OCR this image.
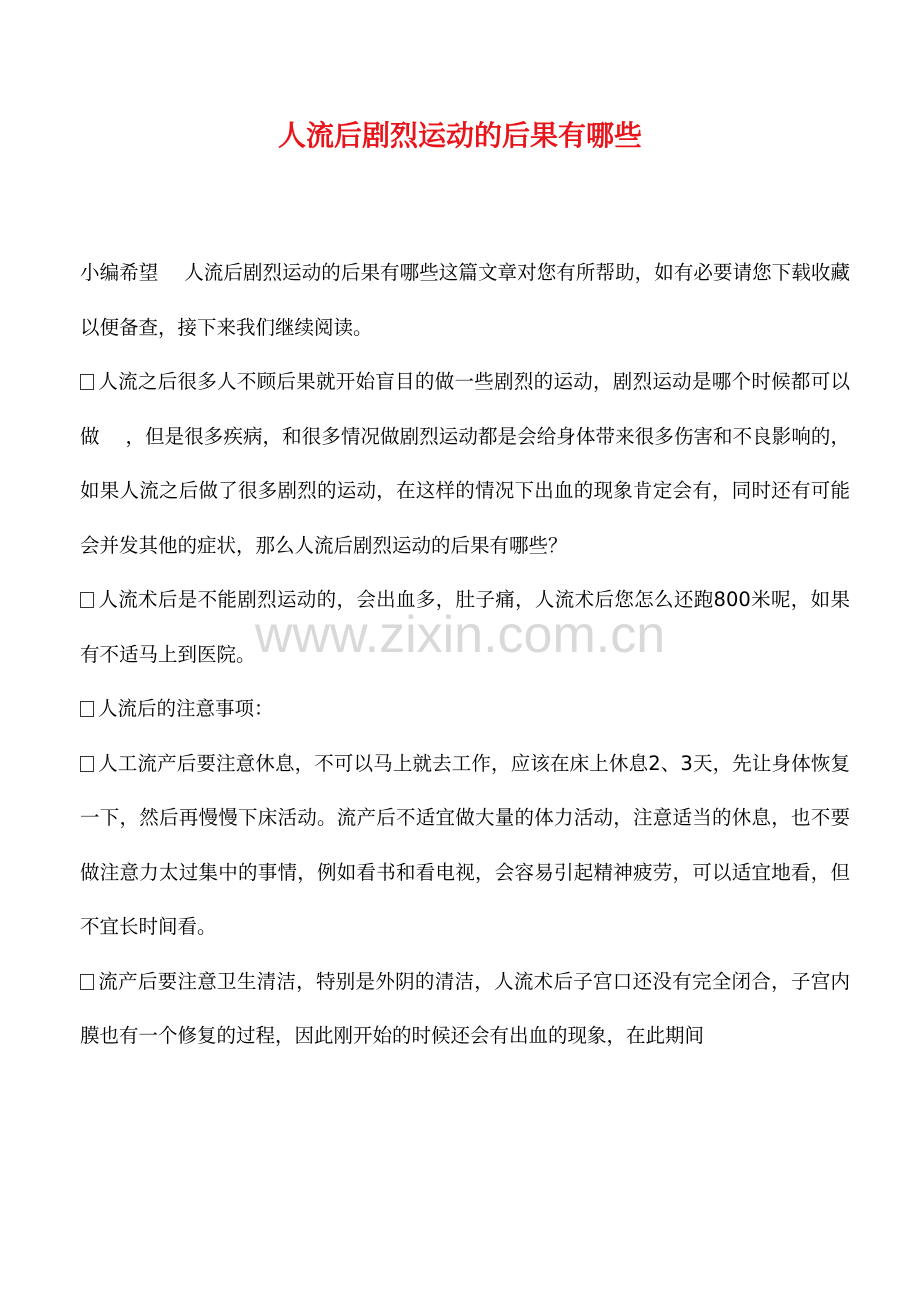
人流后剧烈运动的后果有哪些
www.zixin.com.cn

小编希望　 人流后剧烈运动的后果有哪些这篇文章对您有所帮助，如有必要请您下载收藏以便备查，接下来我们继续阅读。

人流之后很多人不顾后果就开始盲目的做一些剧烈的运动，剧烈运动是哪个时候都可以做　 ，但是很多疾病，和很多情况做剧烈运动都是会给身体带来很多伤害和不良影响的，如果人流之后做了很多剧烈的运动，在这样的情况下出血的现象肯定会有，同时还有可能会并发其他的症状，那么人流后剧烈运动的后果有哪些？

人流术后是不能剧烈运动的，会出血多，肚子痛，人流术后您怎么还跑800米呢，如果有不适马上到医院。

人流后的注意事项：

人工流产后要注意休息，不可以马上就去工作，应该在床上休息2、3天，先让身体恢复一下，然后再慢慢下床活动。流产后不适宜做大量的体力活动，注意适当的休息，也不要做注意力太过集中的事情，例如看书和看电视，会容易引起精神疲劳，可以适宜地看，但不宜长时间看。

流产后要注意卫生清洁，特别是外阴的清洁，人流术后子宫口还没有完全闭合，子宫内膜也有一个修复的过程，因此刚开始的时候还会有出血的现象，在此期间
